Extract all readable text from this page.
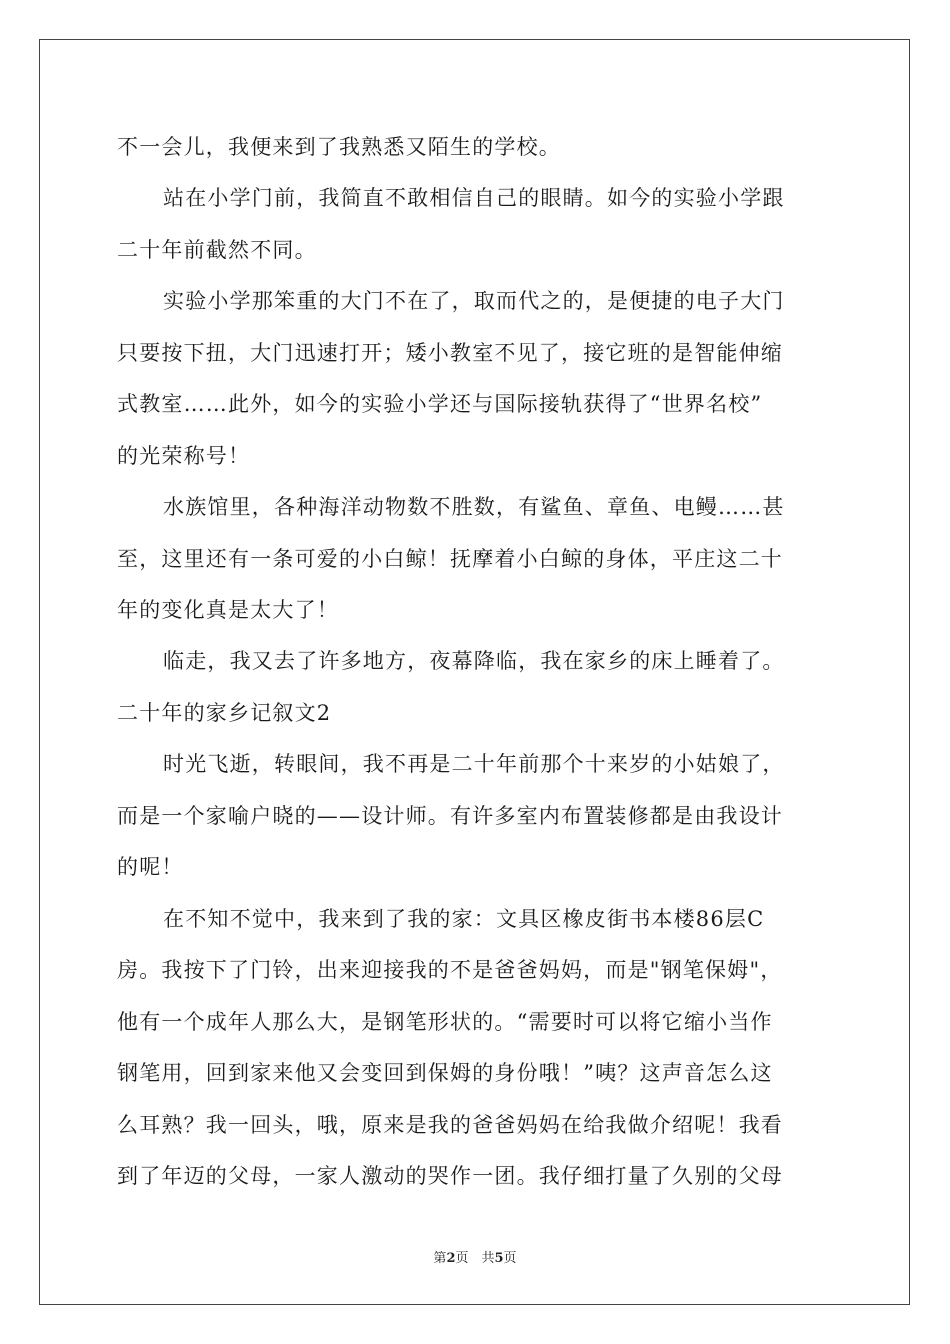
不一会儿，我便来到了我熟悉又陌生的学校。
站在小学门前，我简直不敢相信自己的眼睛。如今的实验小学跟
二十年前截然不同。
实验小学那笨重的大门不在了，取而代之的，是便捷的电子大门
只要按下扭，大门迅速打开；矮小教室不见了，接它班的是智能伸缩
式教室……此外，如今的实验小学还与国际接轨获得了“世界名校”
的光荣称号！
水族馆里，各种海洋动物数不胜数，有鲨鱼、章鱼、电鳗……甚
至，这里还有一条可爱的小白鲸！抚摩着小白鲸的身体，平庄这二十
年的变化真是太大了！
临走，我又去了许多地方，夜幕降临，我在家乡的床上睡着了。
二十年的家乡记叙文2
时光飞逝，转眼间，我不再是二十年前那个十来岁的小姑娘了，
而是一个家喻户晓的——设计师。有许多室内布置装修都是由我设计
的呢！
在不知不觉中，我来到了我的家：文具区橡皮街书本楼86层C
房。我按下了门铃，出来迎接我的不是爸爸妈妈，而是"钢笔保姆"，
他有一个成年人那么大，是钢笔形状的。“需要时可以将它缩小当作
钢笔用，回到家来他又会变回到保姆的身份哦！”咦？这声音怎么这
么耳熟？我一回头，哦，原来是我的爸爸妈妈在给我做介绍呢！我看
到了年迈的父母，一家人激动的哭作一团。我仔细打量了久别的父母
第2页　共5页
